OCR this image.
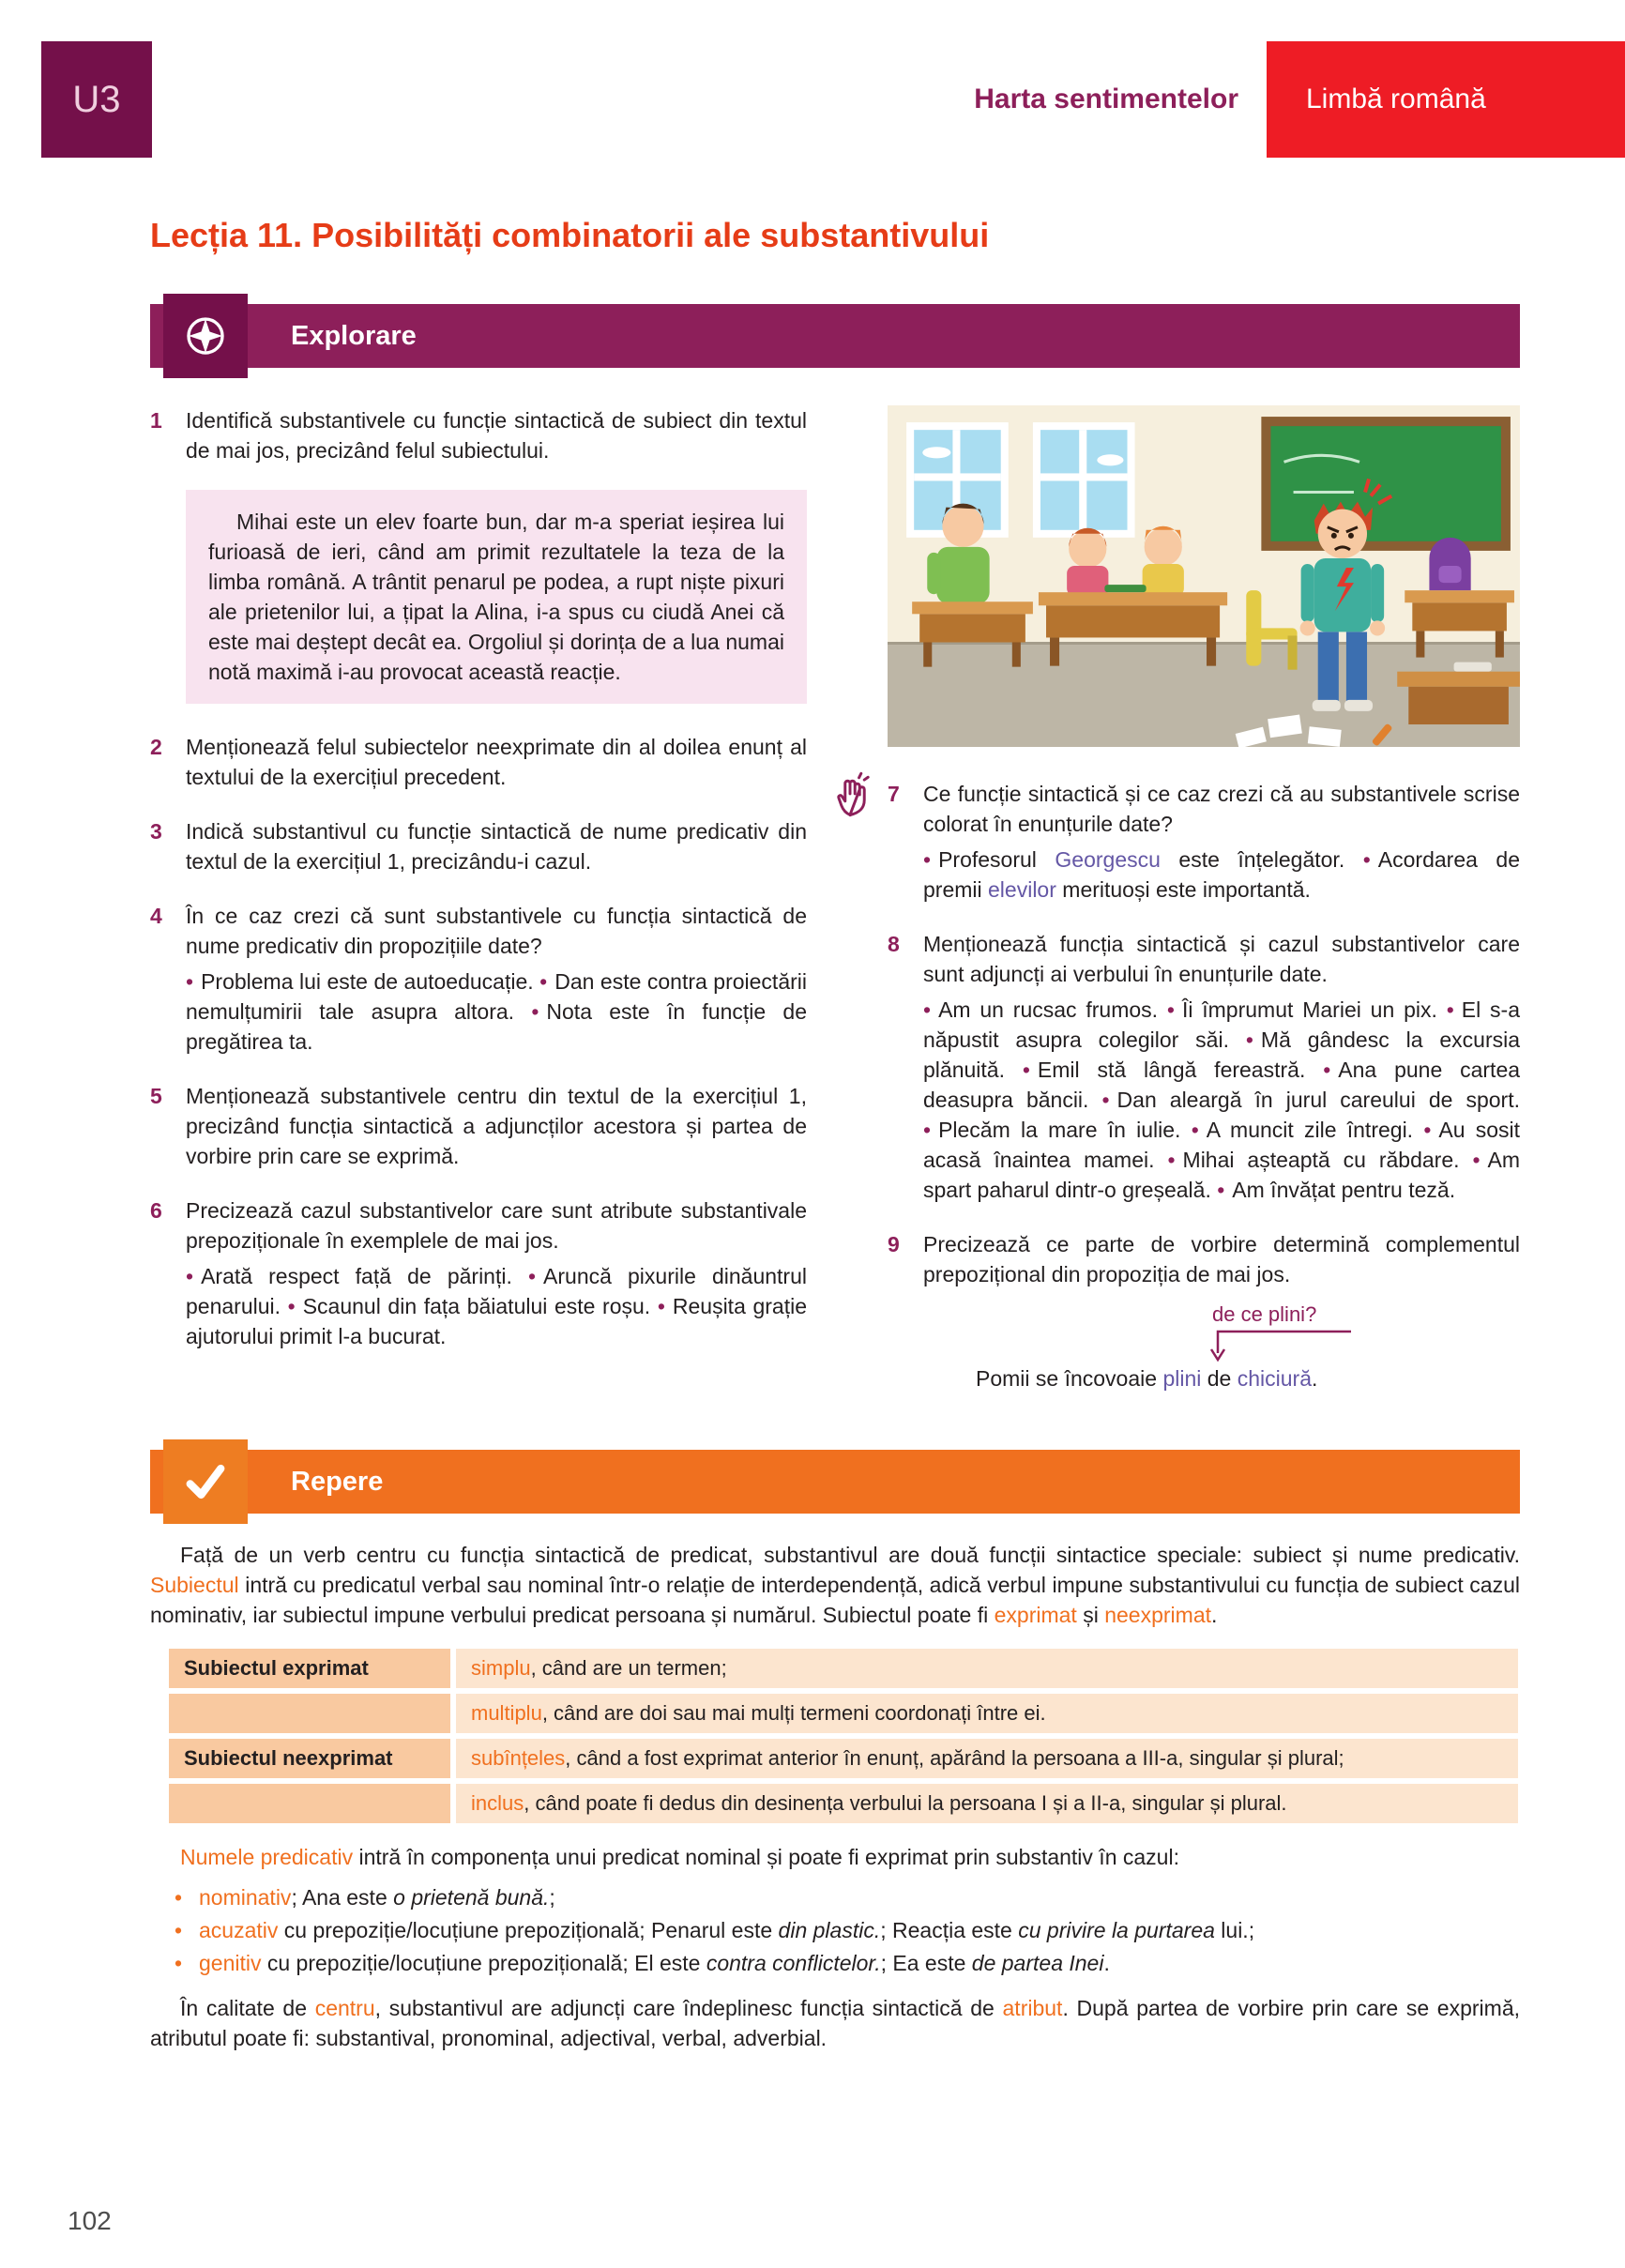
U3	Harta sentimentelor	Limbă română
Lecția 11. Posibilități combinatorii ale substantivului
Explorare
1	Identifică substantivele cu funcție sintactică de subiect din textul de mai jos, precizând felul subiectului.

Mihai este un elev foarte bun, dar m-a speriat ieșirea lui furioasă de ieri, când am primit rezultatele la teza de la limba română. A trântit penarul pe podea, a rupt niște pixuri ale prietenilor lui, a țipat la Alina, i-a spus cu ciudă Anei că este mai deștept decât ea. Orgoliul și dorința de a lua numai notă maximă i-au provocat această reacție.
2	Menționează felul subiectelor neexprimate din al doilea enunț al textului de la exercițiul precedent.

3	Indică substantivul cu funcție sintactică de nume predicativ din textul de la exercițiul 1, precizându-i cazul.

4	În ce caz crezi că sunt substantivele cu funcția sintactică de nume predicativ din propozițiile date?

• Problema lui este de autoeducație. • Dan este contra proiectării nemulțumirii tale asupra altora. • Nota este în funcție de pregătirea ta.

5	Menționează substantivele centru din textul de la exercițiul 1, precizând funcția sintactică a adjuncților acestora și partea de vorbire prin care se exprimă.

6	Precizează cazul substantivelor care sunt atribute substantivale prepoziționale în exemplele de mai jos.

• Arată respect față de părinți. • Aruncă pixurile dinăuntrul penarului. • Scaunul din fața băiatului este roșu. • Reușita grație ajutorului primit l-a bucurat.

7	Ce funcție sintactică și ce caz crezi că au substantivele scrise colorat în enunțurile date?

• Profesorul Georgescu este înțelegător. • Acordarea de premii elevilor merituoși este importantă.

8	Menționează funcția sintactică și cazul substantivelor care sunt adjuncți ai verbului în enunțurile date.

• Am un rucsac frumos. • Îi împrumut Mariei un pix. • El s-a năpustit asupra colegilor săi. • Mă gândesc la excursia plănuită. • Emil stă lângă fereastră. • Ana pune cartea deasupra băncii. • Dan aleargă în jurul careului de sport. • Plecăm la mare în iulie. • A muncit zile întregi. • Au sosit acasă înaintea mamei. • Mihai așteaptă cu răbdare. • Am spart paharul dintr-o greșeală. • Am învățat pentru teză.

9	Precizează ce parte de vorbire determină complementul prepozițional din propoziția de mai jos.

de ce plini?

Pomii se încovoaie plini de chiciură.

Repere

Față de un verb centru cu funcția sintactică de predicat, substantivul are două funcții sintactice speciale: subiect și nume predicativ. Subiectul intră cu predicatul verbal sau nominal într-o relație de interdependență, adică verbul impune substantivului cu funcția de subiect cazul nominativ, iar subiectul impune verbului predicat persoana și numărul. Subiectul poate fi exprimat și neexprimat.

Subiectul exprimat	simplu, când are un termen;
multiplu, când are doi sau mai mulți termeni coordonați între ei.
Subiectul neexprimat	subînțeles, când a fost exprimat anterior în enunț, apărând la persoana a III-a, singular și plural;
inclus, când poate fi dedus din desinența verbului la persoana I și a II-a, singular și plural.

Numele predicativ intră în componența unui predicat nominal și poate fi exprimat prin substantiv în cazul:

• nominativ; Ana este o prietenă bună.;
• acuzativ cu prepoziție/locuțiune prepozițională; Penarul este din plastic.; Reacția este cu privire la purtarea lui.;
• genitiv cu prepoziție/locuțiune prepozițională; El este contra conflictelor.; Ea este de partea Inei.

În calitate de centru, substantivul are adjuncți care îndeplinesc funcția sintactică de atribut. După partea de vorbire prin care se exprimă, atributul poate fi: substantival, pronominal, adjectival, verbal, adverbial.

102
